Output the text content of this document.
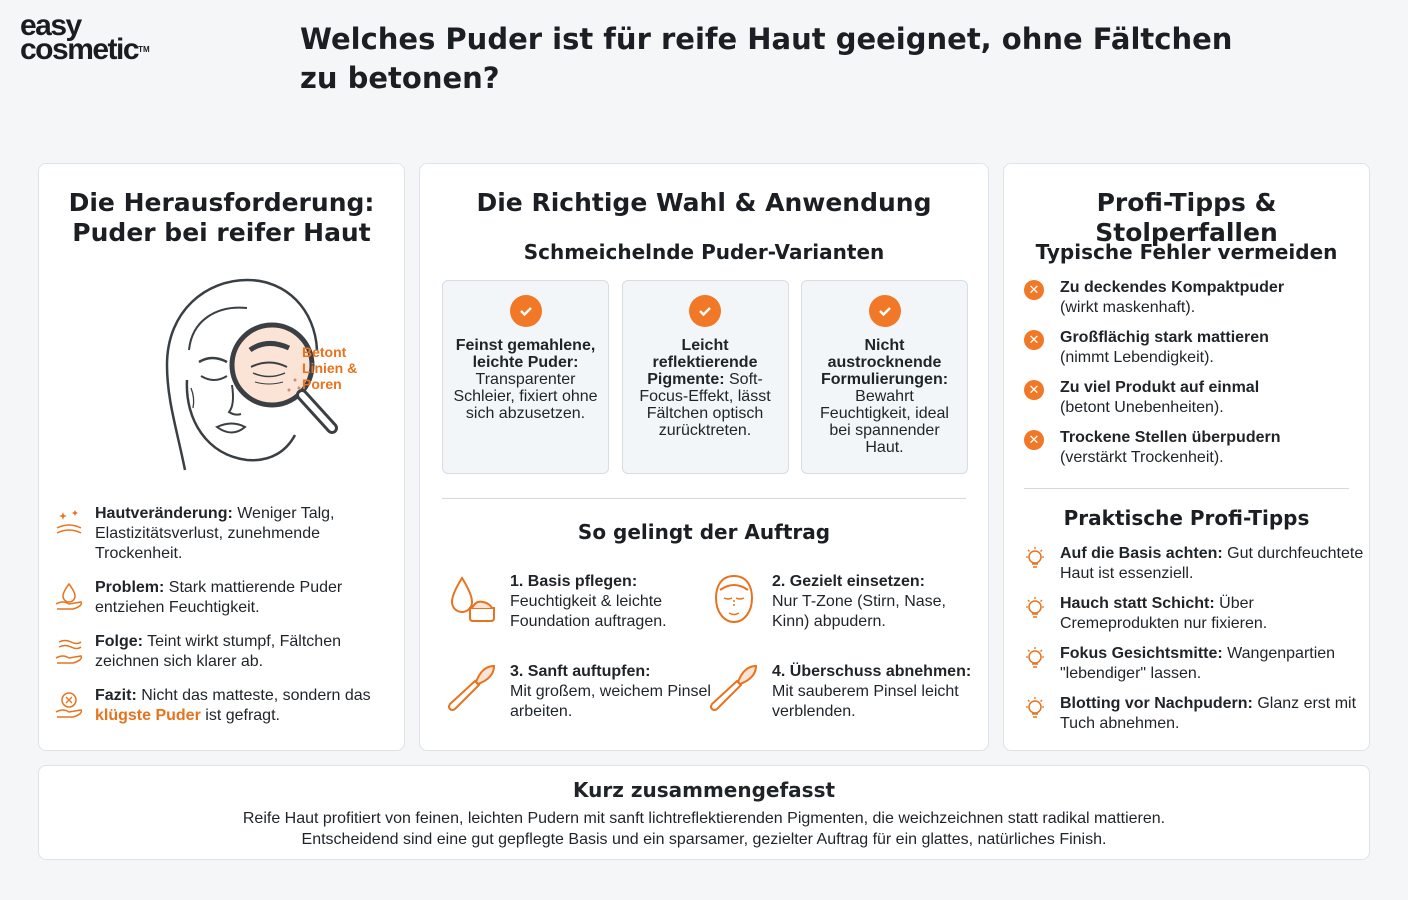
easy
cosmetic™	Welches Puder ist für reife Haut geeignet, ohne Fältchen zu betonen?
Die Herausforderung: Puder bei reifer Haut
Betont
Linien &
Poren

Hautveränderung: Weniger Talg, Elastizitätsverlust, zunehmende Trockenheit.

Problem: Stark mattierende Puder entziehen Feuchtigkeit.

Folge: Teint wirkt stumpf, Fältchen zeichnen sich klarer ab.

Fazit: Nicht das matteste, sondern das klügste Puder ist gefragt.

Die Richtige Wahl & Anwendung
Schmeichelnde Puder-Varianten

Feinst gemahlene, leichte Puder: Transparenter Schleier, fixiert ohne sich abzusetzen.

Leicht reflektierende Pigmente: Soft-Focus-Effekt, lässt Fältchen optisch zurücktreten.

Nicht austrocknende Formulierungen: Bewahrt Feuchtigkeit, ideal bei spannender Haut.

So gelingt der Auftrag

1. Basis pflegen:
Feuchtigkeit & leichte Foundation auftragen.

2. Gezielt einsetzen:
Nur T-Zone (Stirn, Nase, Kinn) abpudern.

3. Sanft auftupfen:
Mit großem, weichem Pinsel arbeiten.

4. Überschuss abnehmen:
Mit sauberem Pinsel leicht verblenden.

Profi-Tipps & Stolperfallen
Typische Fehler vermeiden
✕ Zu deckendes Kompaktpuder
(wirkt maskenhaft).

✕ Großflächig stark mattieren
(nimmt Lebendigkeit).

✕ Zu viel Produkt auf einmal
(betont Unebenheiten).

✕ Trockene Stellen überpudern
(verstärkt Trockenheit).

Praktische Profi-Tipps

Auf die Basis achten: Gut durchfeuchtete Haut ist essenziell.

Hauch statt Schicht: Über Cremeprodukten nur fixieren.

Fokus Gesichtsmitte: Wangenpartien "lebendiger" lassen.

Blotting vor Nachpudern: Glanz erst mit Tuch abnehmen.

Kurz zusammengefasst
Reife Haut profitiert von feinen, leichten Pudern mit sanft lichtreflektierenden Pigmenten, die weichzeichnen statt radikal mattieren.
Entscheidend sind eine gut gepflegte Basis und ein sparsamer, gezielter Auftrag für ein glattes, natürliches Finish.
